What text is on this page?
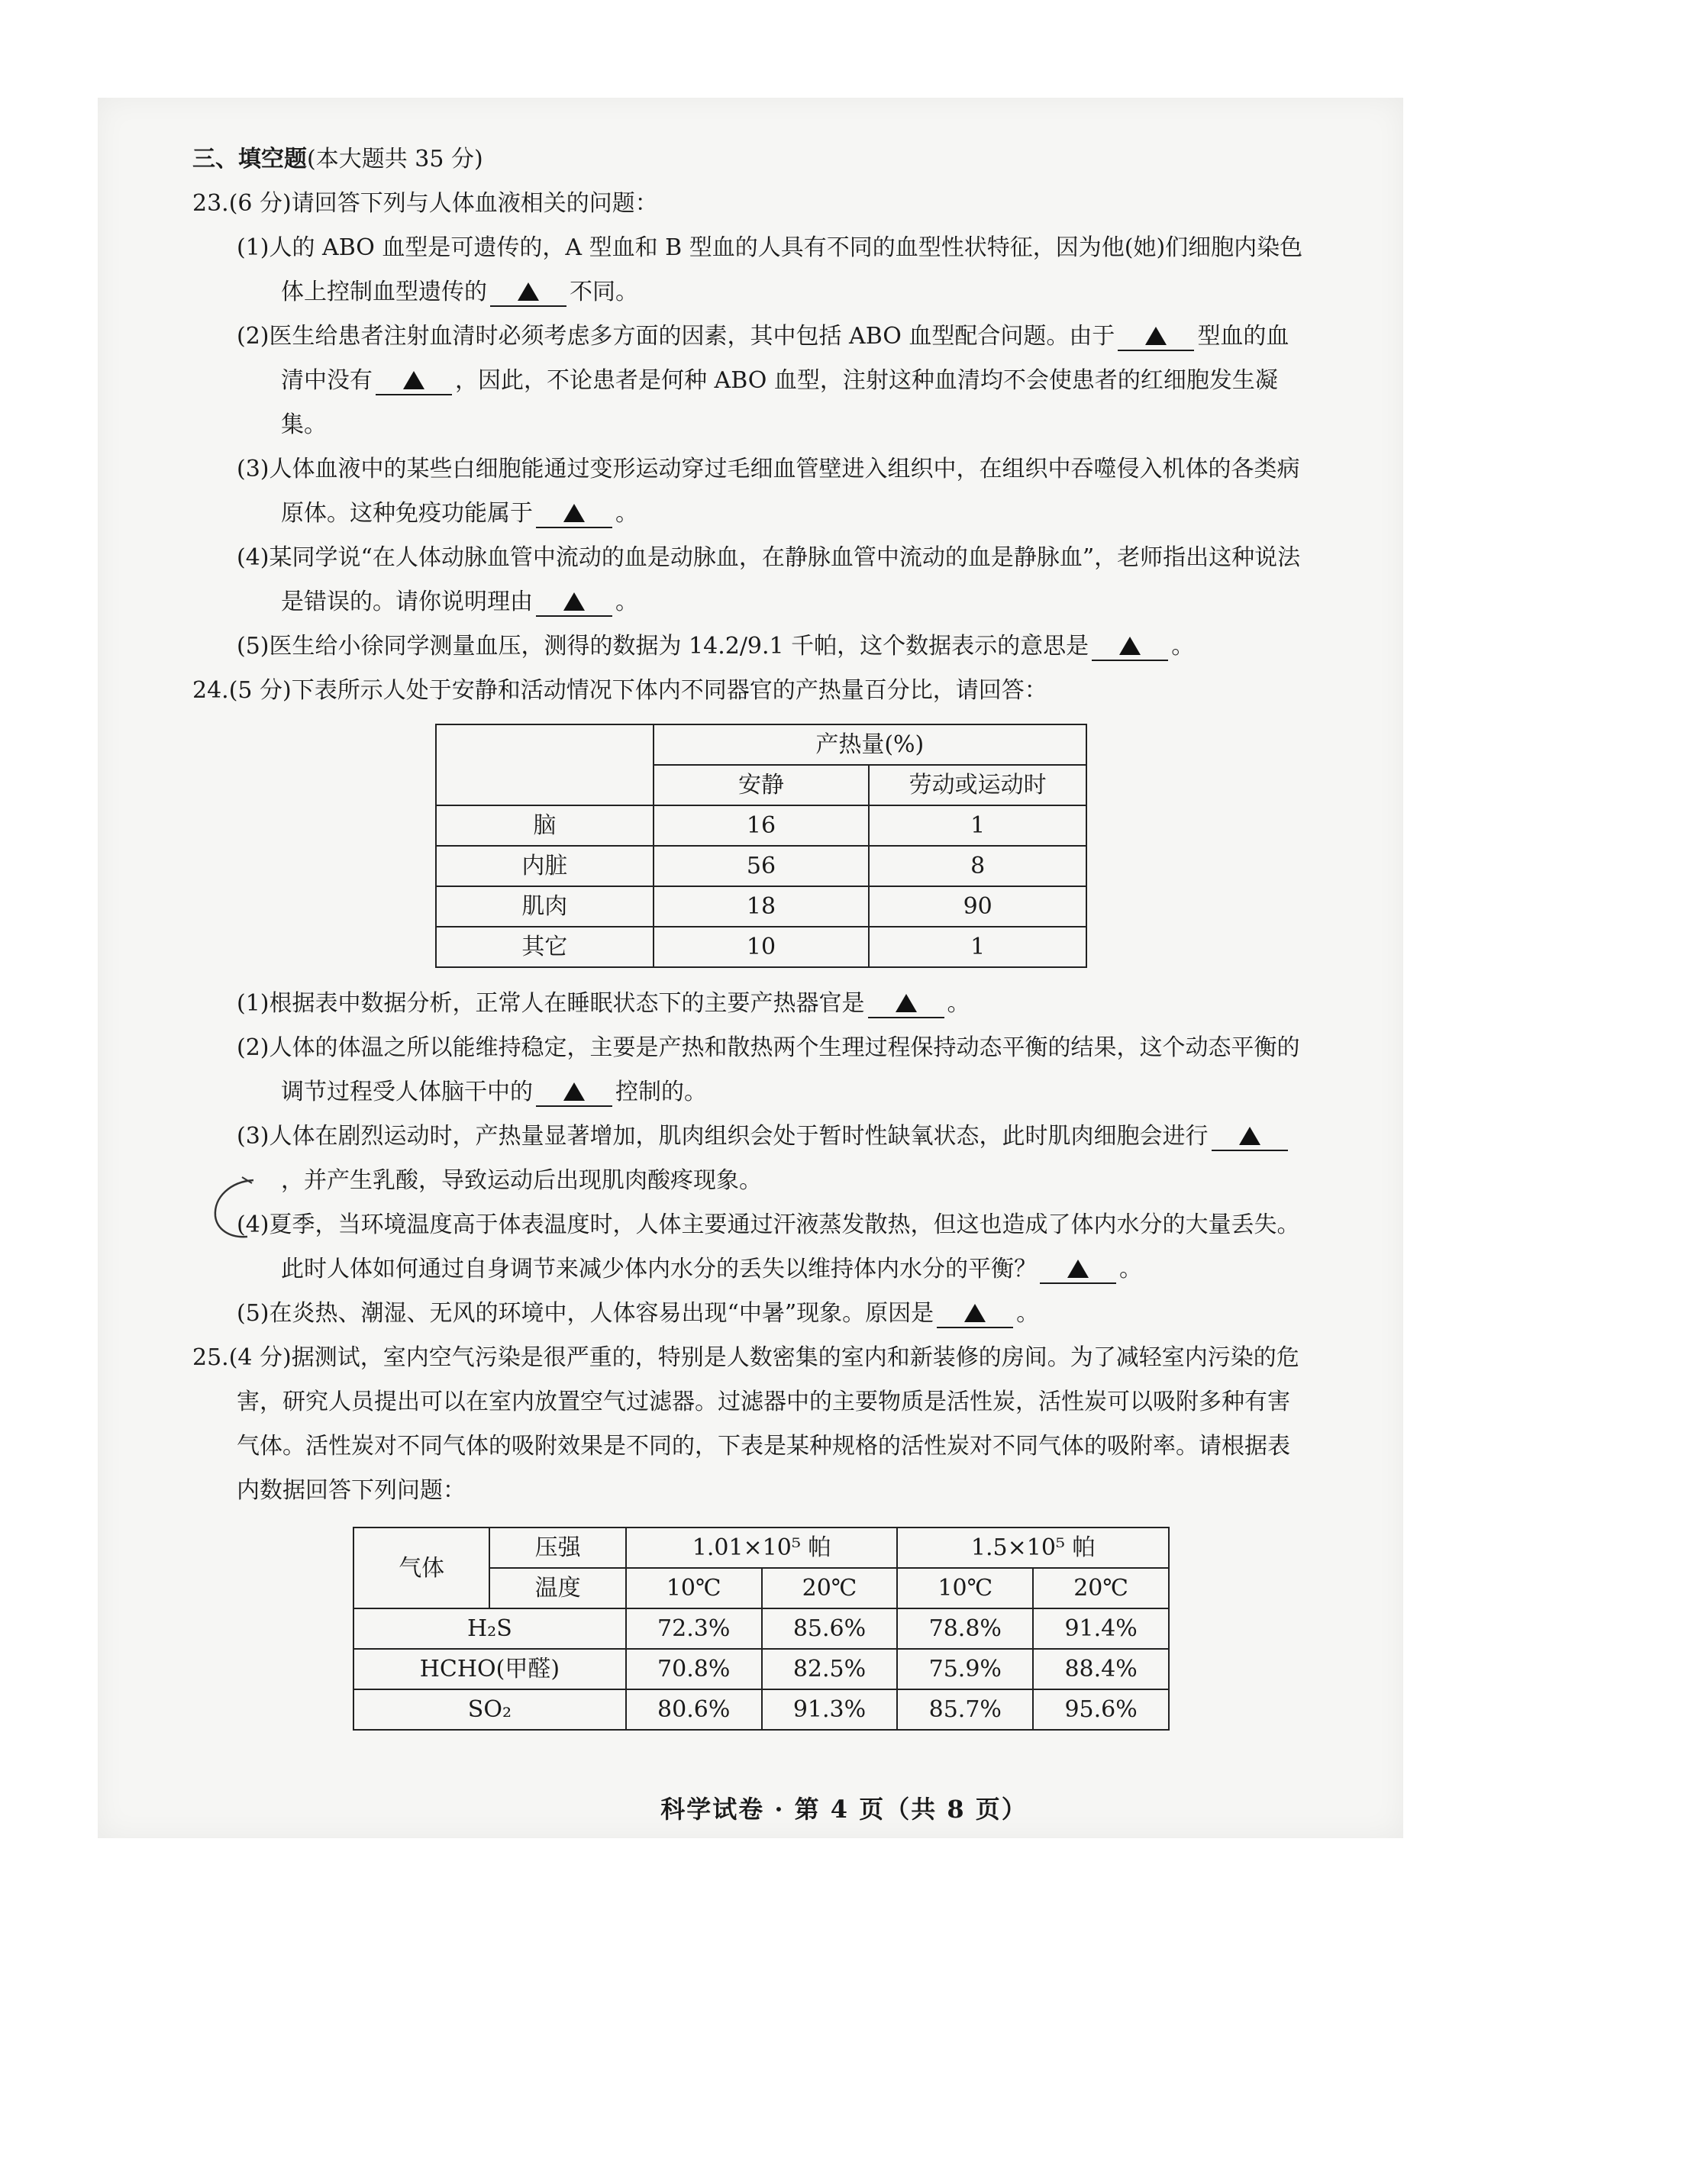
三、填空题(本大题共 35 分)
23.(6 分)请回答下列与人体血液相关的问题：
(1)人的 ABO 血型是可遗传的，A 型血和 B 型血的人具有不同的血型性状特征，因为他(她)们细胞内染色体上控制血型遗传的	不同。
(2)医生给患者注射血清时必须考虑多方面的因素，其中包括 ABO 血型配合问题。由于	型血的血清中没有	，因此，不论患者是何种 ABO 血型，注射这种血清均不会使患者的红细胞发生凝集。
(3)人体血液中的某些白细胞能通过变形运动穿过毛细血管壁进入组织中，在组织中吞噬侵入机体的各类病原体。这种免疫功能属于	。
(4)某同学说“在人体动脉血管中流动的血是动脉血，在静脉血管中流动的血是静脉血”，老师指出这种说法是错误的。请你说明理由	。
(5)医生给小徐同学测量血压，测得的数据为 14.2/9.1 千帕，这个数据表示的意思是	。
24.(5 分)下表所示人处于安静和活动情况下体内不同器官的产热量百分比，请回答：
	产热量(%)	
	安静	劳动或运动时
脑	16	1
内脏	56	8
肌肉	18	90
其它	10	1
(1)根据表中数据分析，正常人在睡眠状态下的主要产热器官是	。
(2)人体的体温之所以能维持稳定，主要是产热和散热两个生理过程保持动态平衡的结果，这个动态平衡的调节过程受人体脑干中的	控制的。
(3)人体在剧烈运动时，产热量显著增加，肌肉组织会处于暂时性缺氧状态，此时肌肉细胞会进行，并产生乳酸，导致运动后出现肌肉酸疼现象。
(4)夏季，当环境温度高于体表温度时，人体主要通过汗液蒸发散热，但这也造成了体内水分的大量丢失。此时人体如何通过自身调节来减少体内水分的丢失以维持体内水分的平衡？	。
(5)在炎热、潮湿、无风的环境中，人体容易出现“中暑”现象。原因是	。
25.(4 分)据测试，室内空气污染是很严重的，特别是人数密集的室内和新装修的房间。为了减轻室内污染的危害，研究人员提出可以在室内放置空气过滤器。过滤器中的主要物质是活性炭，活性炭可以吸附多种有害气体。活性炭对不同气体的吸附效果是不同的，下表是某种规格的活性炭对不同气体的吸附率。请根据表内数据回答下列问题：
气体	压强	1.01×10⁵ 帕		1.5×10⁵ 帕	
	温度	10℃	20℃	10℃	20℃
H₂S		72.3%	85.6%	78.8%	91.4%
HCHO(甲醛)		70.8%	82.5%	75.9%	88.4%
SO₂		80.6%	91.3%	85.7%	95.6%
科学试卷 · 第 4 页（共 8 页）
